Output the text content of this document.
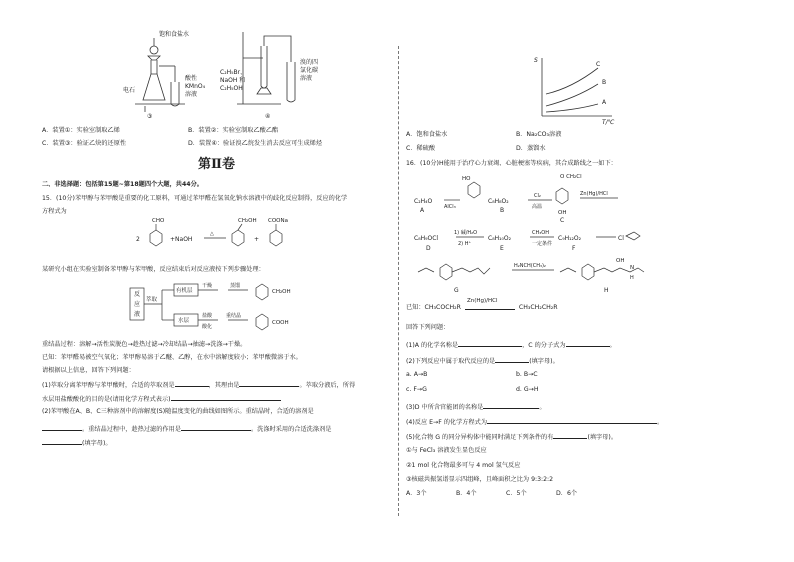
饱和食盐水
电石
酸性
KMnO₄
溶液
③
C₂H₅Br、
NaOH 和
C₂H₅OH
溴的四
氯化碳
溶液
④
A．装置①：实验室制取乙烯	B．装置②：实验室制取乙酸乙酯
C．装置③：验证乙炔的还原性	D．装置④：验证溴乙烷发生消去反应可生成烯烃
第Ⅱ卷
二、非选择题：包括第15题~第18题四个大题，共44分。
15．(10分)苯甲醇与苯甲酸是重要的化工原料，可通过苯甲醛在氢氧化钠水溶液中的歧化反应制得，反应的化学
方程式为
2
CHO
+NaOH
△
CH₂OH
+
COONa
某研究小组在实验室制备苯甲醇与苯甲酸，反应结束后对反应液按下列步骤处理：
反
应
液
萃取
有机层
水层
干燥	蒸馏
CH₂OH
盐酸
酸化
重结晶
COOH
重结晶过程：溶解→活性炭脱色→趁热过滤→冷却结晶→抽滤→洗涤→干燥。
已知：苯甲醛易被空气氧化；苯甲醇易溶于乙醚、乙醇，在水中溶解度较小；苯甲酸微溶于水。
请根据以上信息，回答下列问题：
(1)萃取分离苯甲醇与苯甲酸时，合适的萃取剂是	，其理由是	。萃取分液后，所得
水层用盐酸酸化的目的是(请用化学方程式表示)
(2)苯甲酸在A、B、C三种溶剂中的溶解度(S)随温度变化的曲线如图所示。重结晶时，合适的溶剂是
。重结晶过程中，趁热过滤的作用是	。洗涤时采用的合适洗涤剂是
(填字母)。
S
T/℃
C
B
A
A．饱和食盐水	B．Na₂CO₃溶液
C．稀硫酸	D．蒸馏水
16．(10分)H能用于治疗心力衰竭、心脏梗塞等疾病，其合成路线之一如下：
HO
C₂H₄O
A	AlCl₃
C₈H₈O₂
B
Cl₂
高温
O CH₂Cl
OH
C
Zn(Hg)/HCl
C₈H₉OCl
D
1) 碱/H₂O
2) H⁺
C₈H₁₀O₂
E
CH₃OH
一定条件
C₉H₁₂O₂
F
Cl
G
H₂NCH(CH₃)₂
OH
N
H
H
已知：CH₃COCH₂R
Zn(Hg)/HCl
CH₃CH₂CH₂R
回答下列问题：
(1)A 的化学名称是	，C 的分子式为	。
(2)下列反应中属于取代反应的是	(填字母)。
a. A→B	b. B→C
c. F→G	d. G→H
(3)D 中所含官能团的名称是	。
(4)反应 E→F 的化学方程式为	。
(5)化合物 G 的同分异构体中能同时满足下列条件的有	(填字母)。
①与 FeCl₃ 溶液发生显色反应
②1 mol 化合物最多可与 4 mol 氢气反应
③核磁共振氢谱显示四组峰，且峰面积之比为 9:3:2:2
A．3个	B．4个	C．5个	D．6个
